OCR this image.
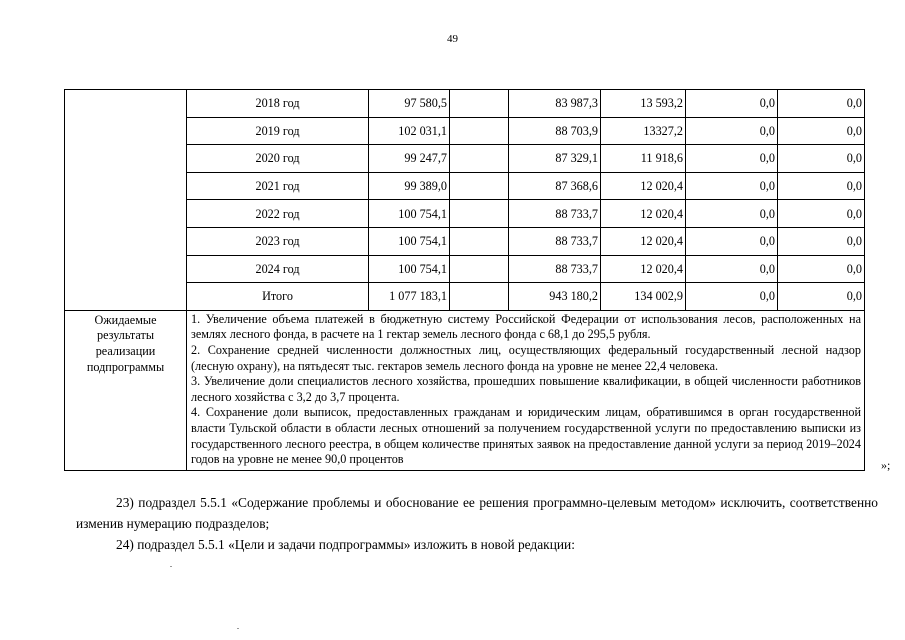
49
	2018 год	97 580,5		83 987,3	13 593,2	0,0	0,0
	2019 год	102 031,1		88 703,9	13327,2	0,0	0,0
	2020 год	99 247,7		87 329,1	11 918,6	0,0	0,0
	2021 год	99 389,0		87 368,6	12 020,4	0,0	0,0
	2022 год	100 754,1		88 733,7	12 020,4	0,0	0,0
	2023 год	100 754,1		88 733,7	12 020,4	0,0	0,0
	2024 год	100 754,1		88 733,7	12 020,4	0,0	0,0
	Итого	1 077 183,1		943 180,2	134 002,9	0,0	0,0
Ожидаемые результаты реализации подпрограммы	1. Увеличение объема платежей в бюджетную систему Российской Федерации от использования лесов, расположенных на землях лесного фонда, в расчете на 1 гектар земель лесного фонда с 68,1 до 295,5 рубля.

2. Сохранение средней численности должностных лиц, осуществляющих федеральный государственный лесной надзор (лесную охрану), на пятьдесят тыс. гектаров земель лесного фонда на уровне не менее 22,4 человека.

3. Увеличение доли специалистов лесного хозяйства, прошедших повышение квалификации, в общей численности работников лесного хозяйства с 3,2 до 3,7 процента.

4. Сохранение доли выписок, предоставленных гражданам и юридическим лицам, обратившимся в орган государственной власти Тульской области в области лесных отношений за получением государственной услуги по предоставлению выписки из государственного лесного реестра, в общем количестве принятых заявок на предоставление данной услуги за период 2019–2024 годов на уровне не менее 90,0 процентов							»;
23) подраздел 5.5.1 «Содержание проблемы и обоснование ее решения программно-целевым методом» исключить, соответственно изменив нумерацию подразделов;
24) подраздел 5.5.1 «Цели и задачи подпрограммы» изложить в новой редакции:
